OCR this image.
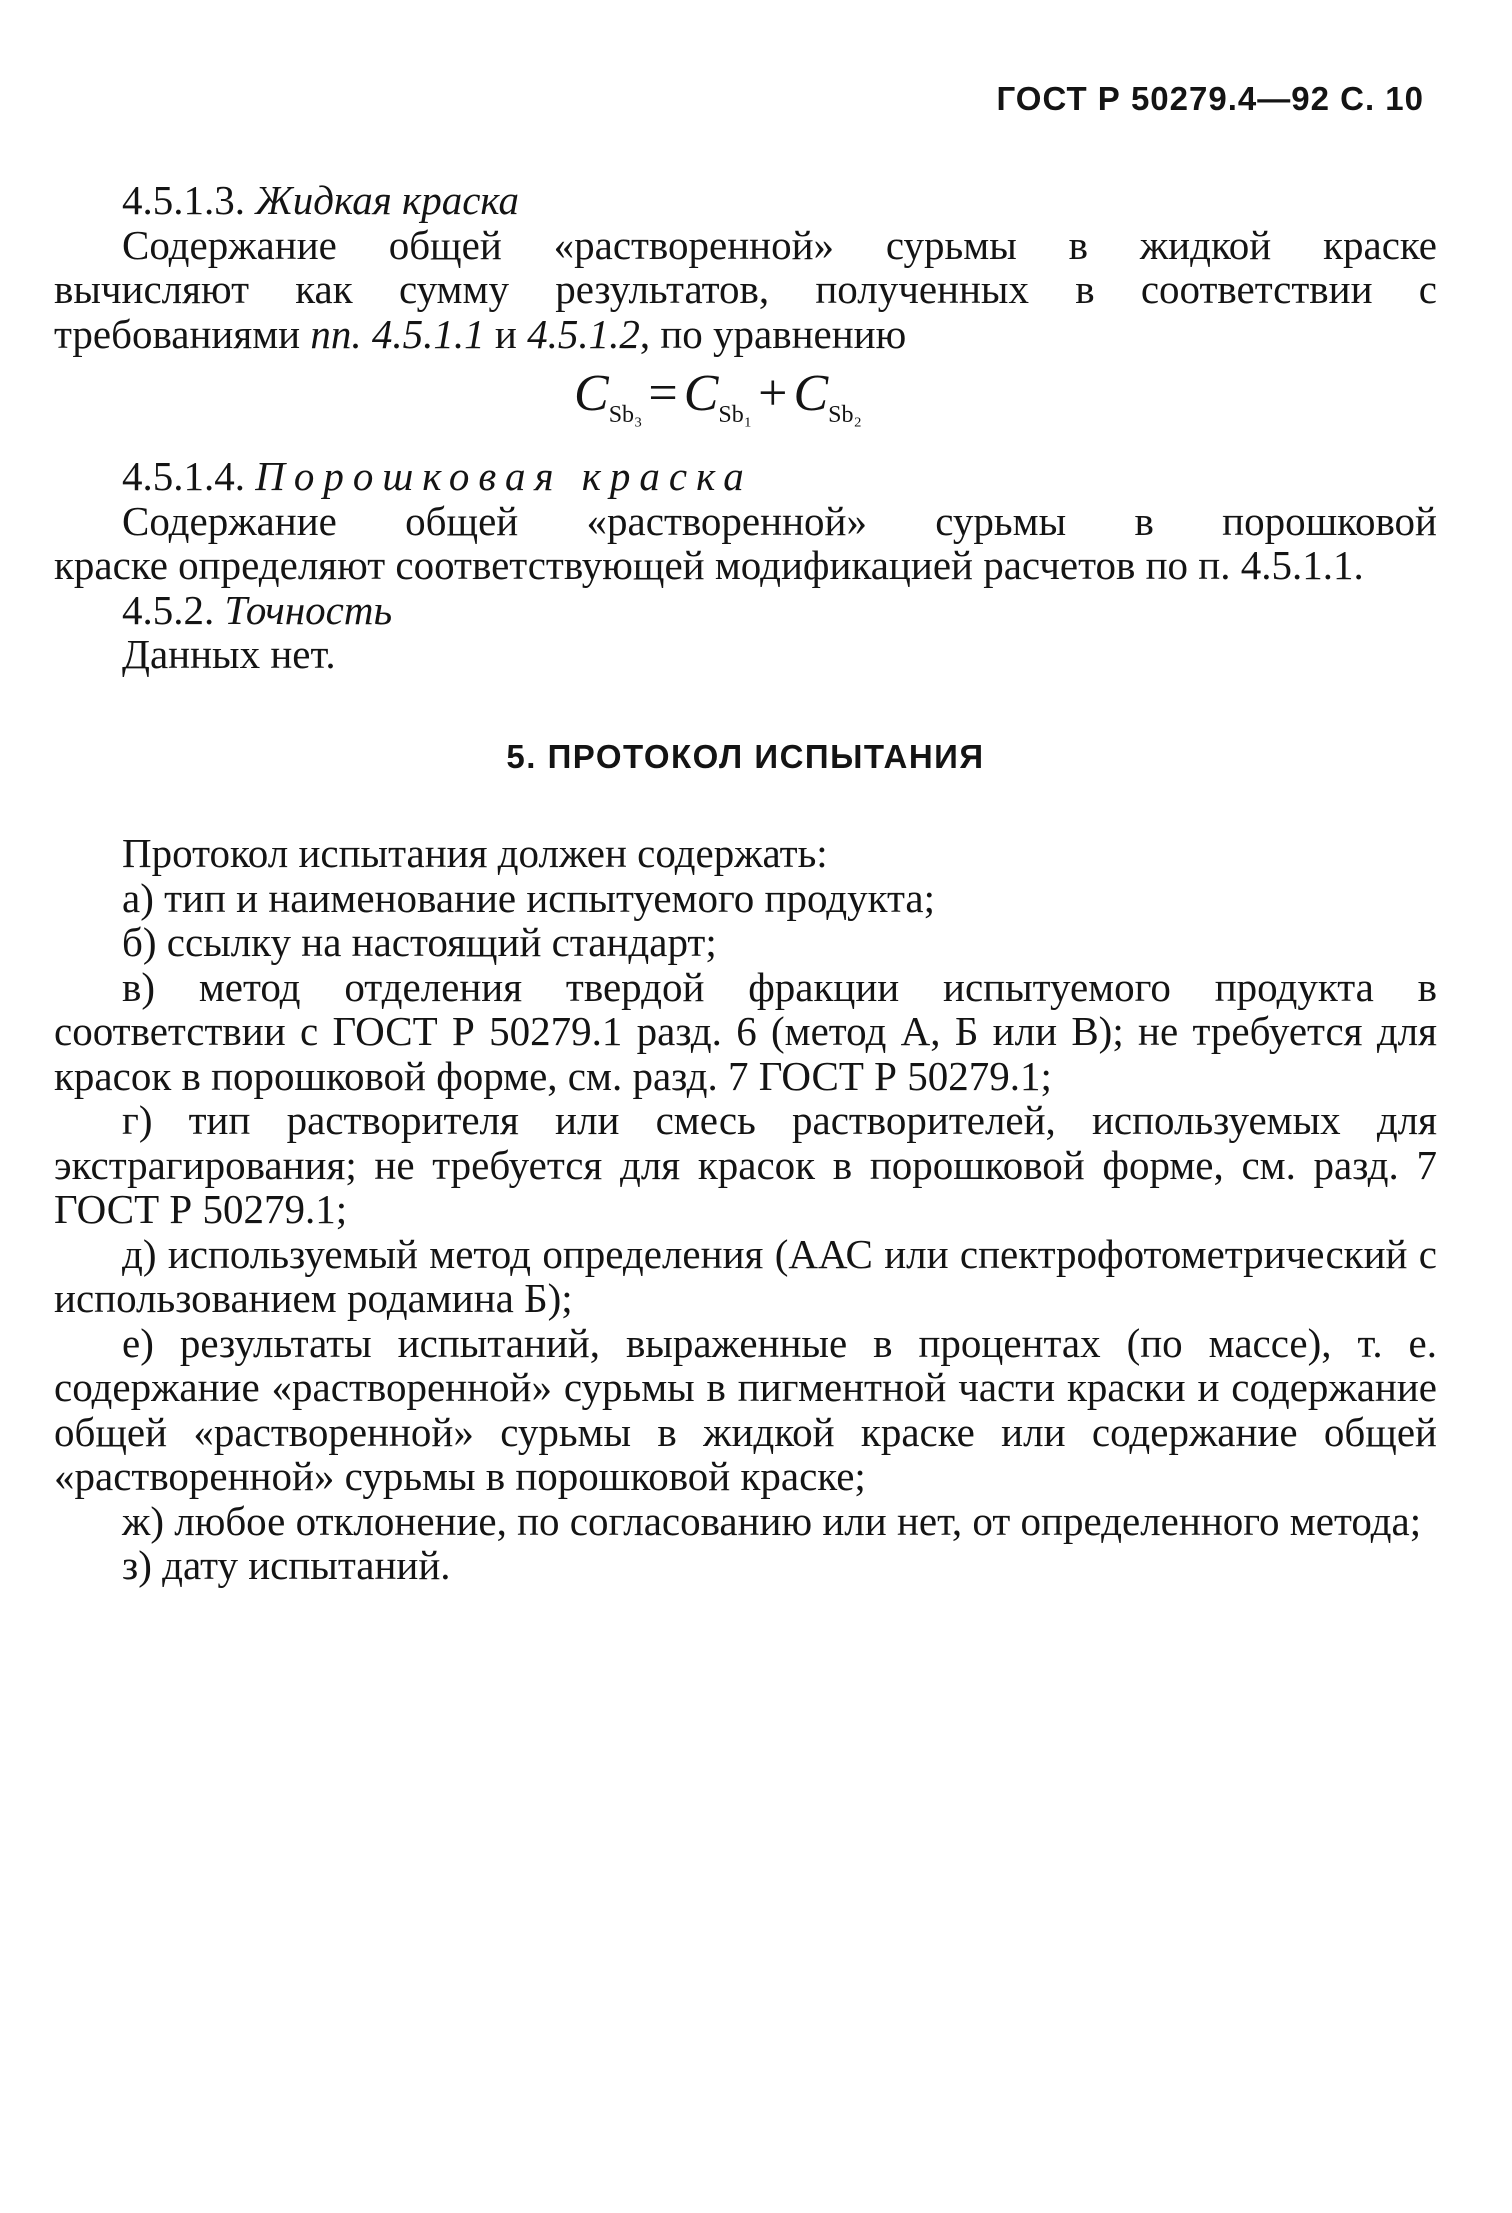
ГОСТ Р 50279.4—92 С. 10

4.5.1.3. Жидкая краска

Содержание общей «растворенной» сурьмы в жидкой краске

вычисляют как сумму результатов, полученных в соответствии с требованиями пп. 4.5.1.1 и 4.5.1.2, по уравнению

$C_{Sb_3} = C_{Sb_1} + C_{Sb_2}$

4.5.1.4. Порошковая краска

Содержание общей «растворенной» сурьмы в порошковой

краске определяют соответствующей модификацией расчетов по п. 4.5.1.1.

4.5.2. Точность

Данных нет.

5. ПРОТОКОЛ ИСПЫТАНИЯ

Протокол испытания должен содержать:

а) тип и наименование испытуемого продукта;

б) ссылку на настоящий стандарт;

в) метод отделения твердой фракции испытуемого продукта в соответствии с ГОСТ Р 50279.1 разд. 6 (метод А, Б или В); не требуется для красок в порошковой форме, см. разд. 7 ГОСТ Р 50279.1;

г) тип растворителя или смесь растворителей, используемых для экстрагирования; не требуется для красок в порошковой форме, см. разд. 7 ГОСТ Р 50279.1;

д) используемый метод определения (ААС или спектрофотометрический с использованием родамина Б);

е) результаты испытаний, выраженные в процентах (по массе), т. е. содержание «растворенной» сурьмы в пигментной части краски и содержание общей «растворенной» сурьмы в жидкой краске или содержание общей «растворенной» сурьмы в порошковой краске;

ж) любое отклонение, по согласованию или нет, от определенного метода;

з) дату испытаний.
